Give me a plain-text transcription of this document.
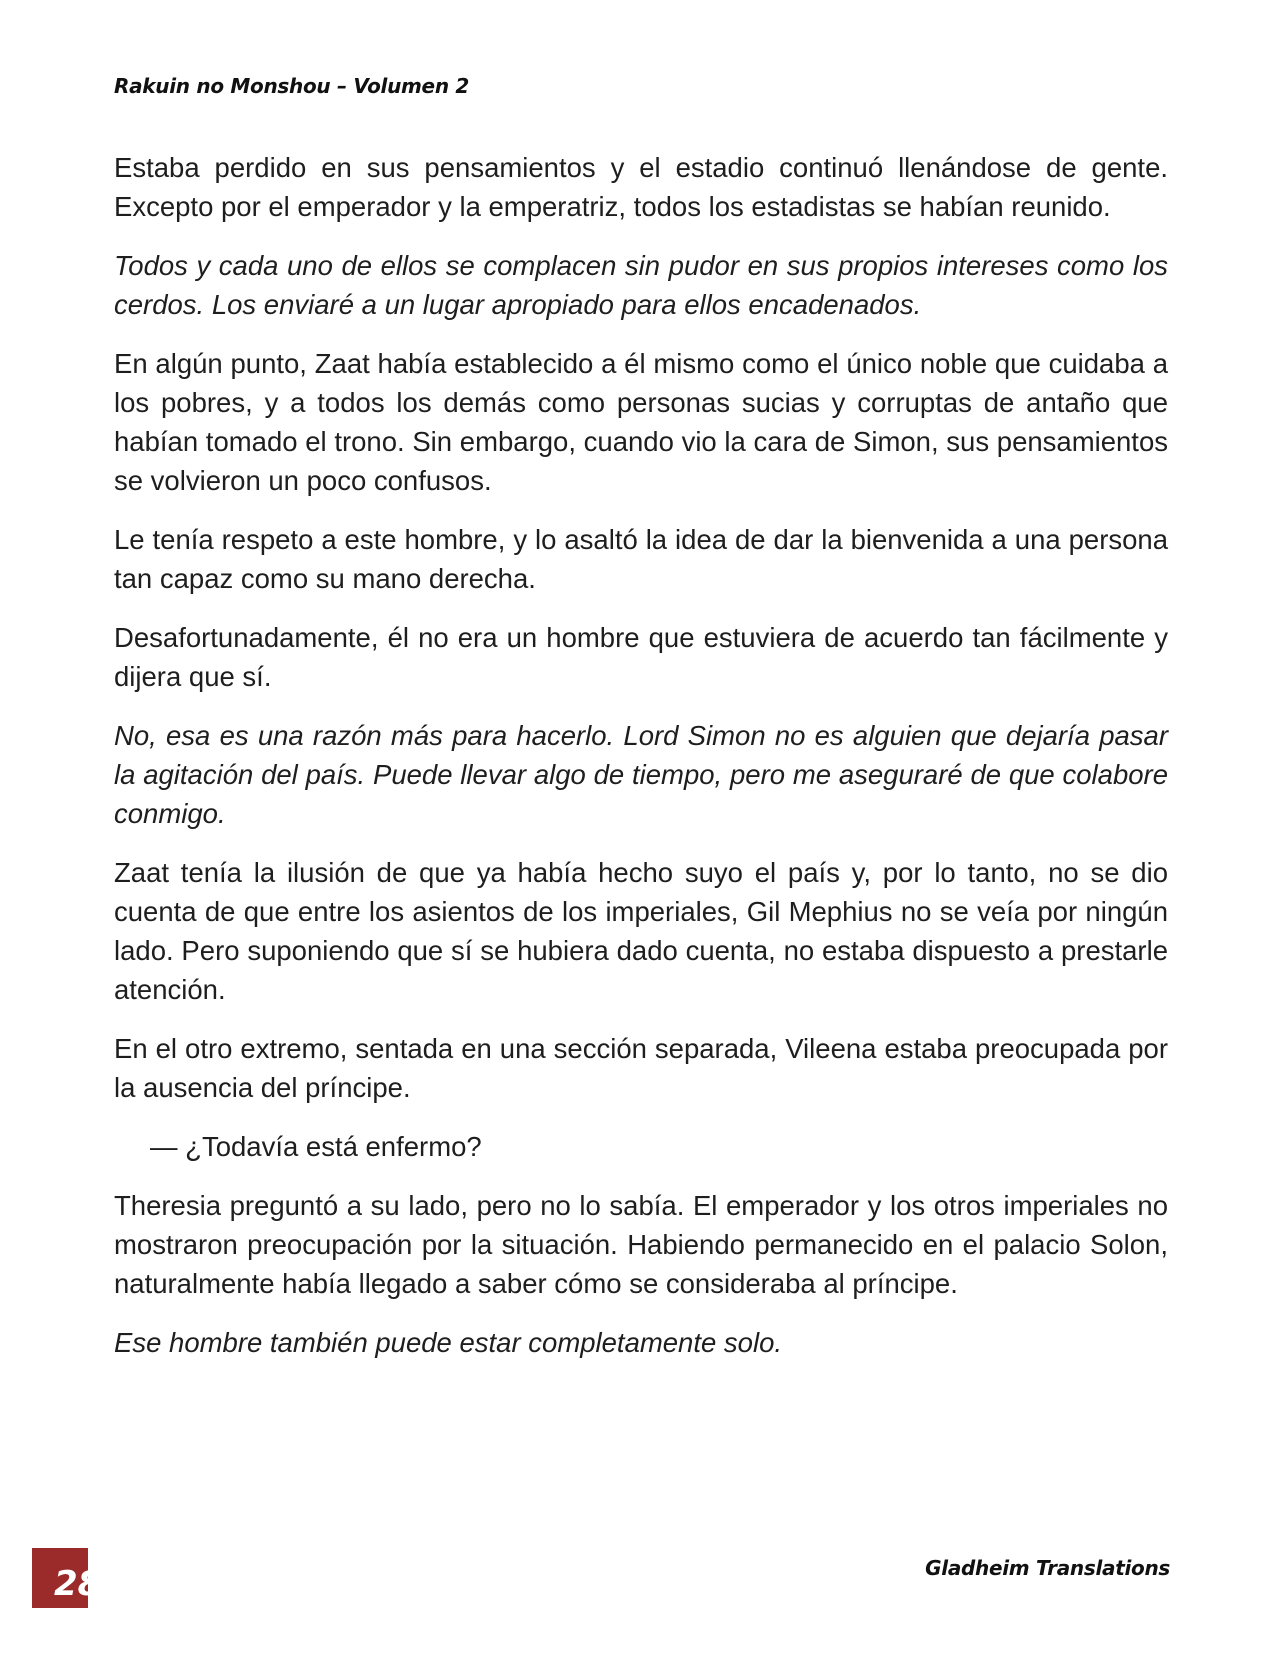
Rakuin no Monshou – Volumen 2

Estaba perdido en sus pensamientos y el estadio continuó llenándose de gente. Excepto por el emperador y la emperatriz, todos los estadistas se habían reunido.

Todos y cada uno de ellos se complacen sin pudor en sus propios intereses como los cerdos. Los enviaré a un lugar apropiado para ellos encadenados.

En algún punto, Zaat había establecido a él mismo como el único noble que cuidaba a los pobres, y a todos los demás como personas sucias y corruptas de antaño que habían tomado el trono. Sin embargo, cuando vio la cara de Simon, sus pensamientos se volvieron un poco confusos.

Le tenía respeto a este hombre, y lo asaltó la idea de dar la bienvenida a una persona tan capaz como su mano derecha.

Desafortunadamente, él no era un hombre que estuviera de acuerdo tan fácilmente y dijera que sí.

No, esa es una razón más para hacerlo. Lord Simon no es alguien que dejaría pasar la agitación del país. Puede llevar algo de tiempo, pero me aseguraré de que colabore conmigo.

Zaat tenía la ilusión de que ya había hecho suyo el país y, por lo tanto, no se dio cuenta de que entre los asientos de los imperiales, Gil Mephius no se veía por ningún lado. Pero suponiendo que sí se hubiera dado cuenta, no estaba dispuesto a prestarle atención.

En el otro extremo, sentada en una sección separada, Vileena estaba preocupada por la ausencia del príncipe.

— ¿Todavía está enfermo?

Theresia preguntó a su lado, pero no lo sabía. El emperador y los otros imperiales no mostraron preocupación por la situación. Habiendo permanecido en el palacio Solon, naturalmente había llegado a saber cómo se consideraba al príncipe.

Ese hombre también puede estar completamente solo.

28	Gladheim Translations
